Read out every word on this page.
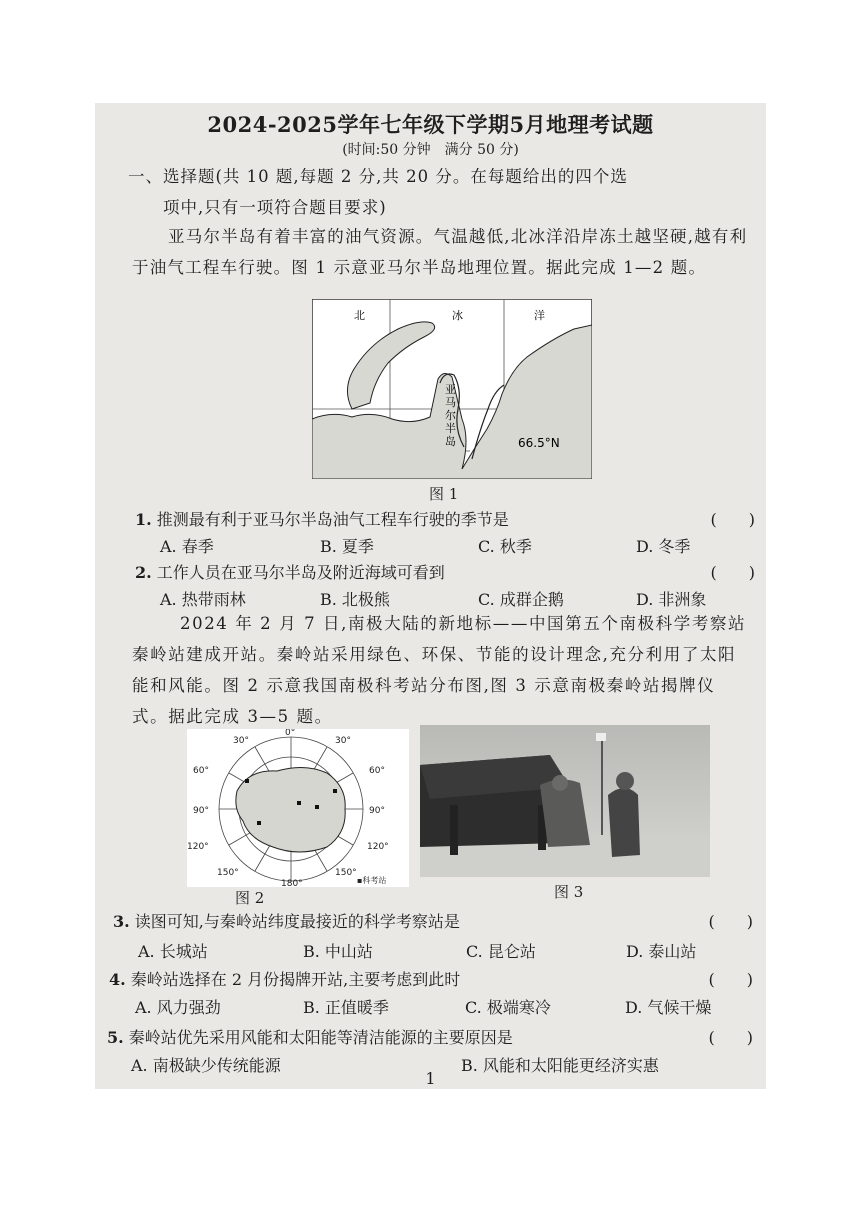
2024-2025学年七年级下学期5月地理考试题
(时间:50 分钟　满分 50 分)
一、选择题(共 10 题,每题 2 分,共 20 分。在每题给出的四个选
项中,只有一项符合题目要求)
亚马尔半岛有着丰富的油气资源。气温越低,北冰洋沿岸冻土越坚硬,越有利于油气工程车行驶。图 1 示意亚马尔半岛地理位置。据此完成 1—2 题。
北	冰	洋
亚
马
尔
半
岛	66.5°N
图 1
1. 推测最有利于亚马尔半岛油气工程车行驶的季节是	(　　)
A. 春季	B. 夏季	C. 秋季	D. 冬季
2. 工作人员在亚马尔半岛及附近海域可看到	(　　)
A. 热带雨林	B. 北极熊	C. 成群企鹅	D. 非洲象
2024 年 2 月 7 日,南极大陆的新地标——中国第五个南极科学考察站秦岭站建成开站。秦岭站采用绿色、环保、节能的设计理念,充分利用了太阳能和风能。图 2 示意我国南极科考站分布图,图 3 示意南极秦岭站揭牌仪式。据此完成 3—5 题。
0°
30°	30°
60°	60°
90°	90°
120°	120°
150°	150°
180°	▪科考站
图 2	图 3
3. 读图可知,与秦岭站纬度最接近的科学考察站是	(　　)
A. 长城站	B. 中山站	C. 昆仑站	D. 泰山站
4. 秦岭站选择在 2 月份揭牌开站,主要考虑到此时	(　　)
A. 风力强劲	B. 正值暖季	C. 极端寒冷	D. 气候干燥
5. 秦岭站优先采用风能和太阳能等清洁能源的主要原因是	(　　)
A. 南极缺少传统能源	B. 风能和太阳能更经济实惠
1
